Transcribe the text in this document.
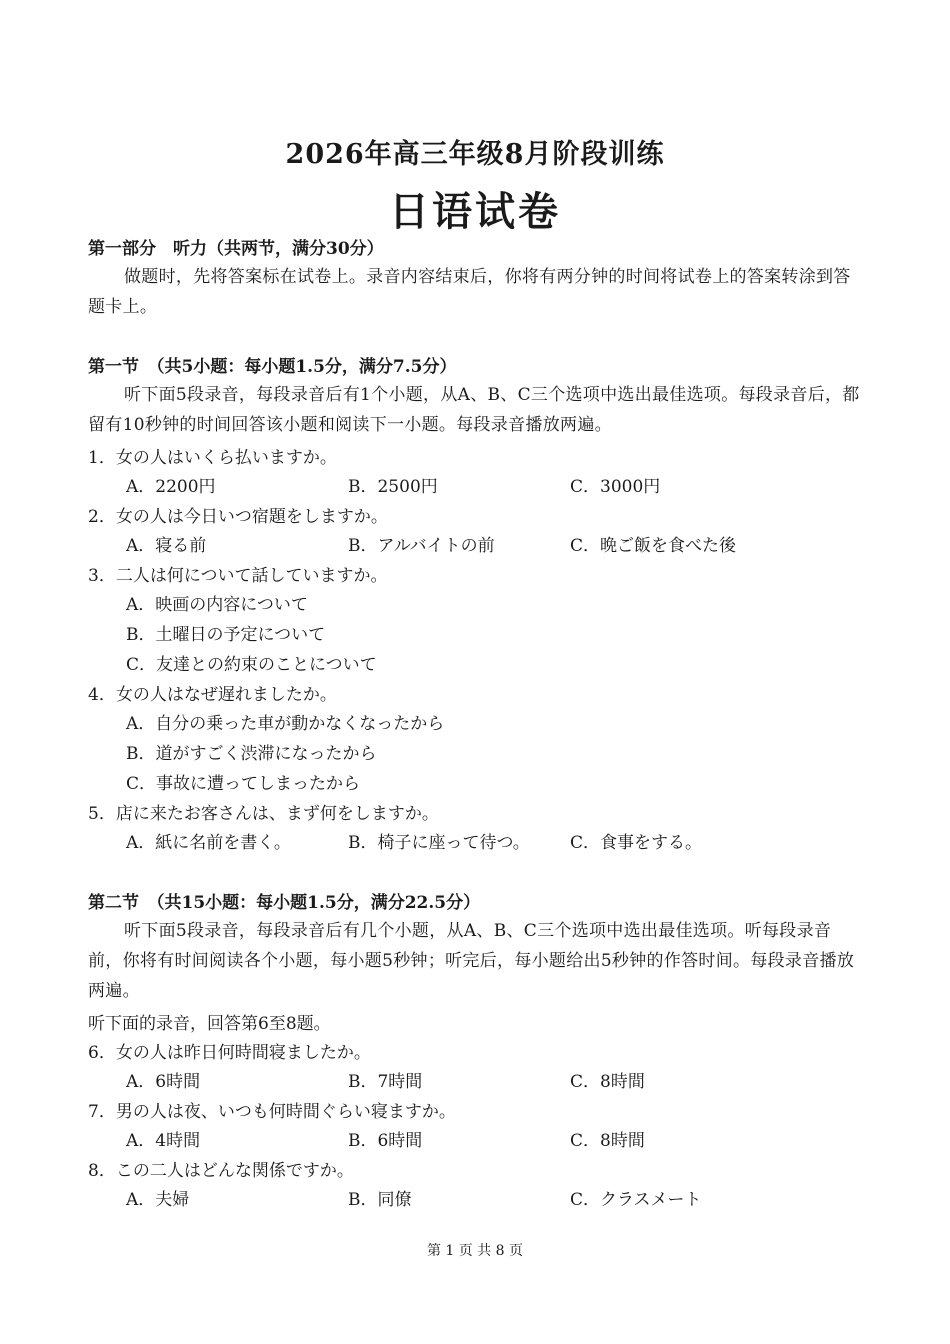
2026年高三年级8月阶段训练
日语试卷
第一部分　听力（共两节，满分30分）
做题时，先将答案标在试卷上。录音内容结束后，你将有两分钟的时间将试卷上的答案转涂到答题卡上。
第一节　（共5小题：每小题1.5分，满分7.5分）
听下面5段录音，每段录音后有1个小题，从A、B、C三个选项中选出最佳选项。每段录音后，都留有10秒钟的时间回答该小题和阅读下一小题。每段录音播放两遍。
1．女の人はいくら払いますか。
A．2200円	B．2500円	C．3000円
2．女の人は今日いつ宿題をしますか。
A．寝る前	B．アルバイトの前	C．晩ご飯を食べた後
3．二人は何について話していますか。
A．映画の内容について
B．土曜日の予定について
C．友達との約束のことについて
4．女の人はなぜ遅れましたか。
A．自分の乗った車が動かなくなったから
B．道がすごく渋滞になったから
C．事故に遭ってしまったから
5．店に来たお客さんは、まず何をしますか。
A．紙に名前を書く。	B．椅子に座って待つ。 C．食事をする。
第二节　（共15小题：每小题1.5分，满分22.5分）
听下面5段录音，每段录音后有几个小题，从A、B、C三个选项中选出最佳选项。听每段录音前，你将有时间阅读各个小题，每小题5秒钟；听完后，每小题给出5秒钟的作答时间。每段录音播放两遍。
听下面的录音，回答第6至8题。
6．女の人は昨日何時間寝ましたか。
A．6時間	B．7時間	C．8時間
7．男の人は夜、いつも何時間ぐらい寝ますか。
A．4時間	B．6時間	C．8時間
8．この二人はどんな関係ですか。
A．夫婦	B．同僚	C．クラスメート
第 1 页 共 8 页
